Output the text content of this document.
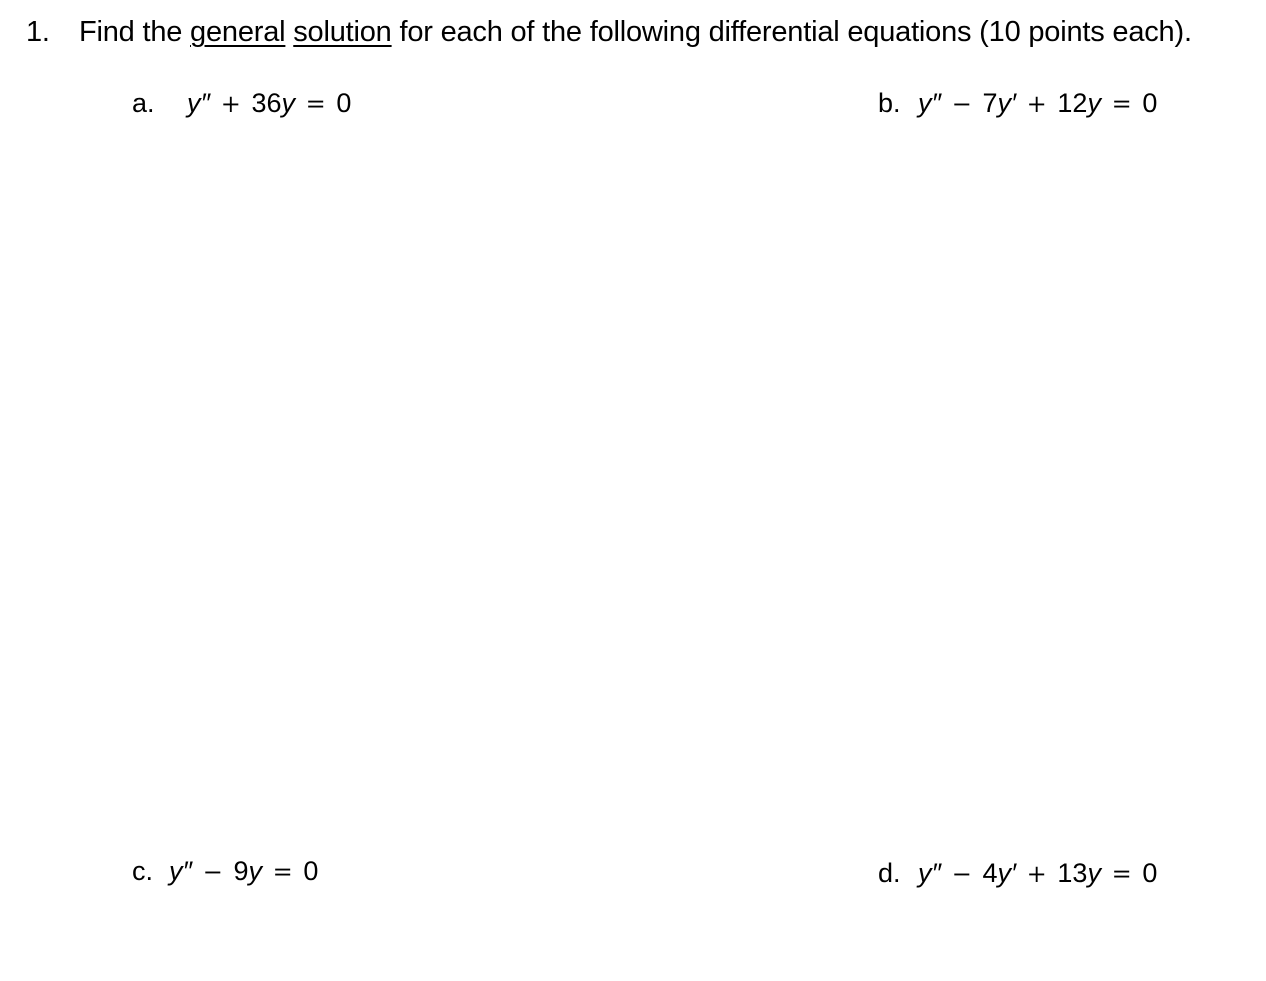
1. Find the general solution for each of the following differential equations (10 points each).
a. y″ + 36y = 0	b. y″ − 7y′ + 12y = 0
c. y″ − 9y = 0	d. y″ − 4y′ + 13y = 0
